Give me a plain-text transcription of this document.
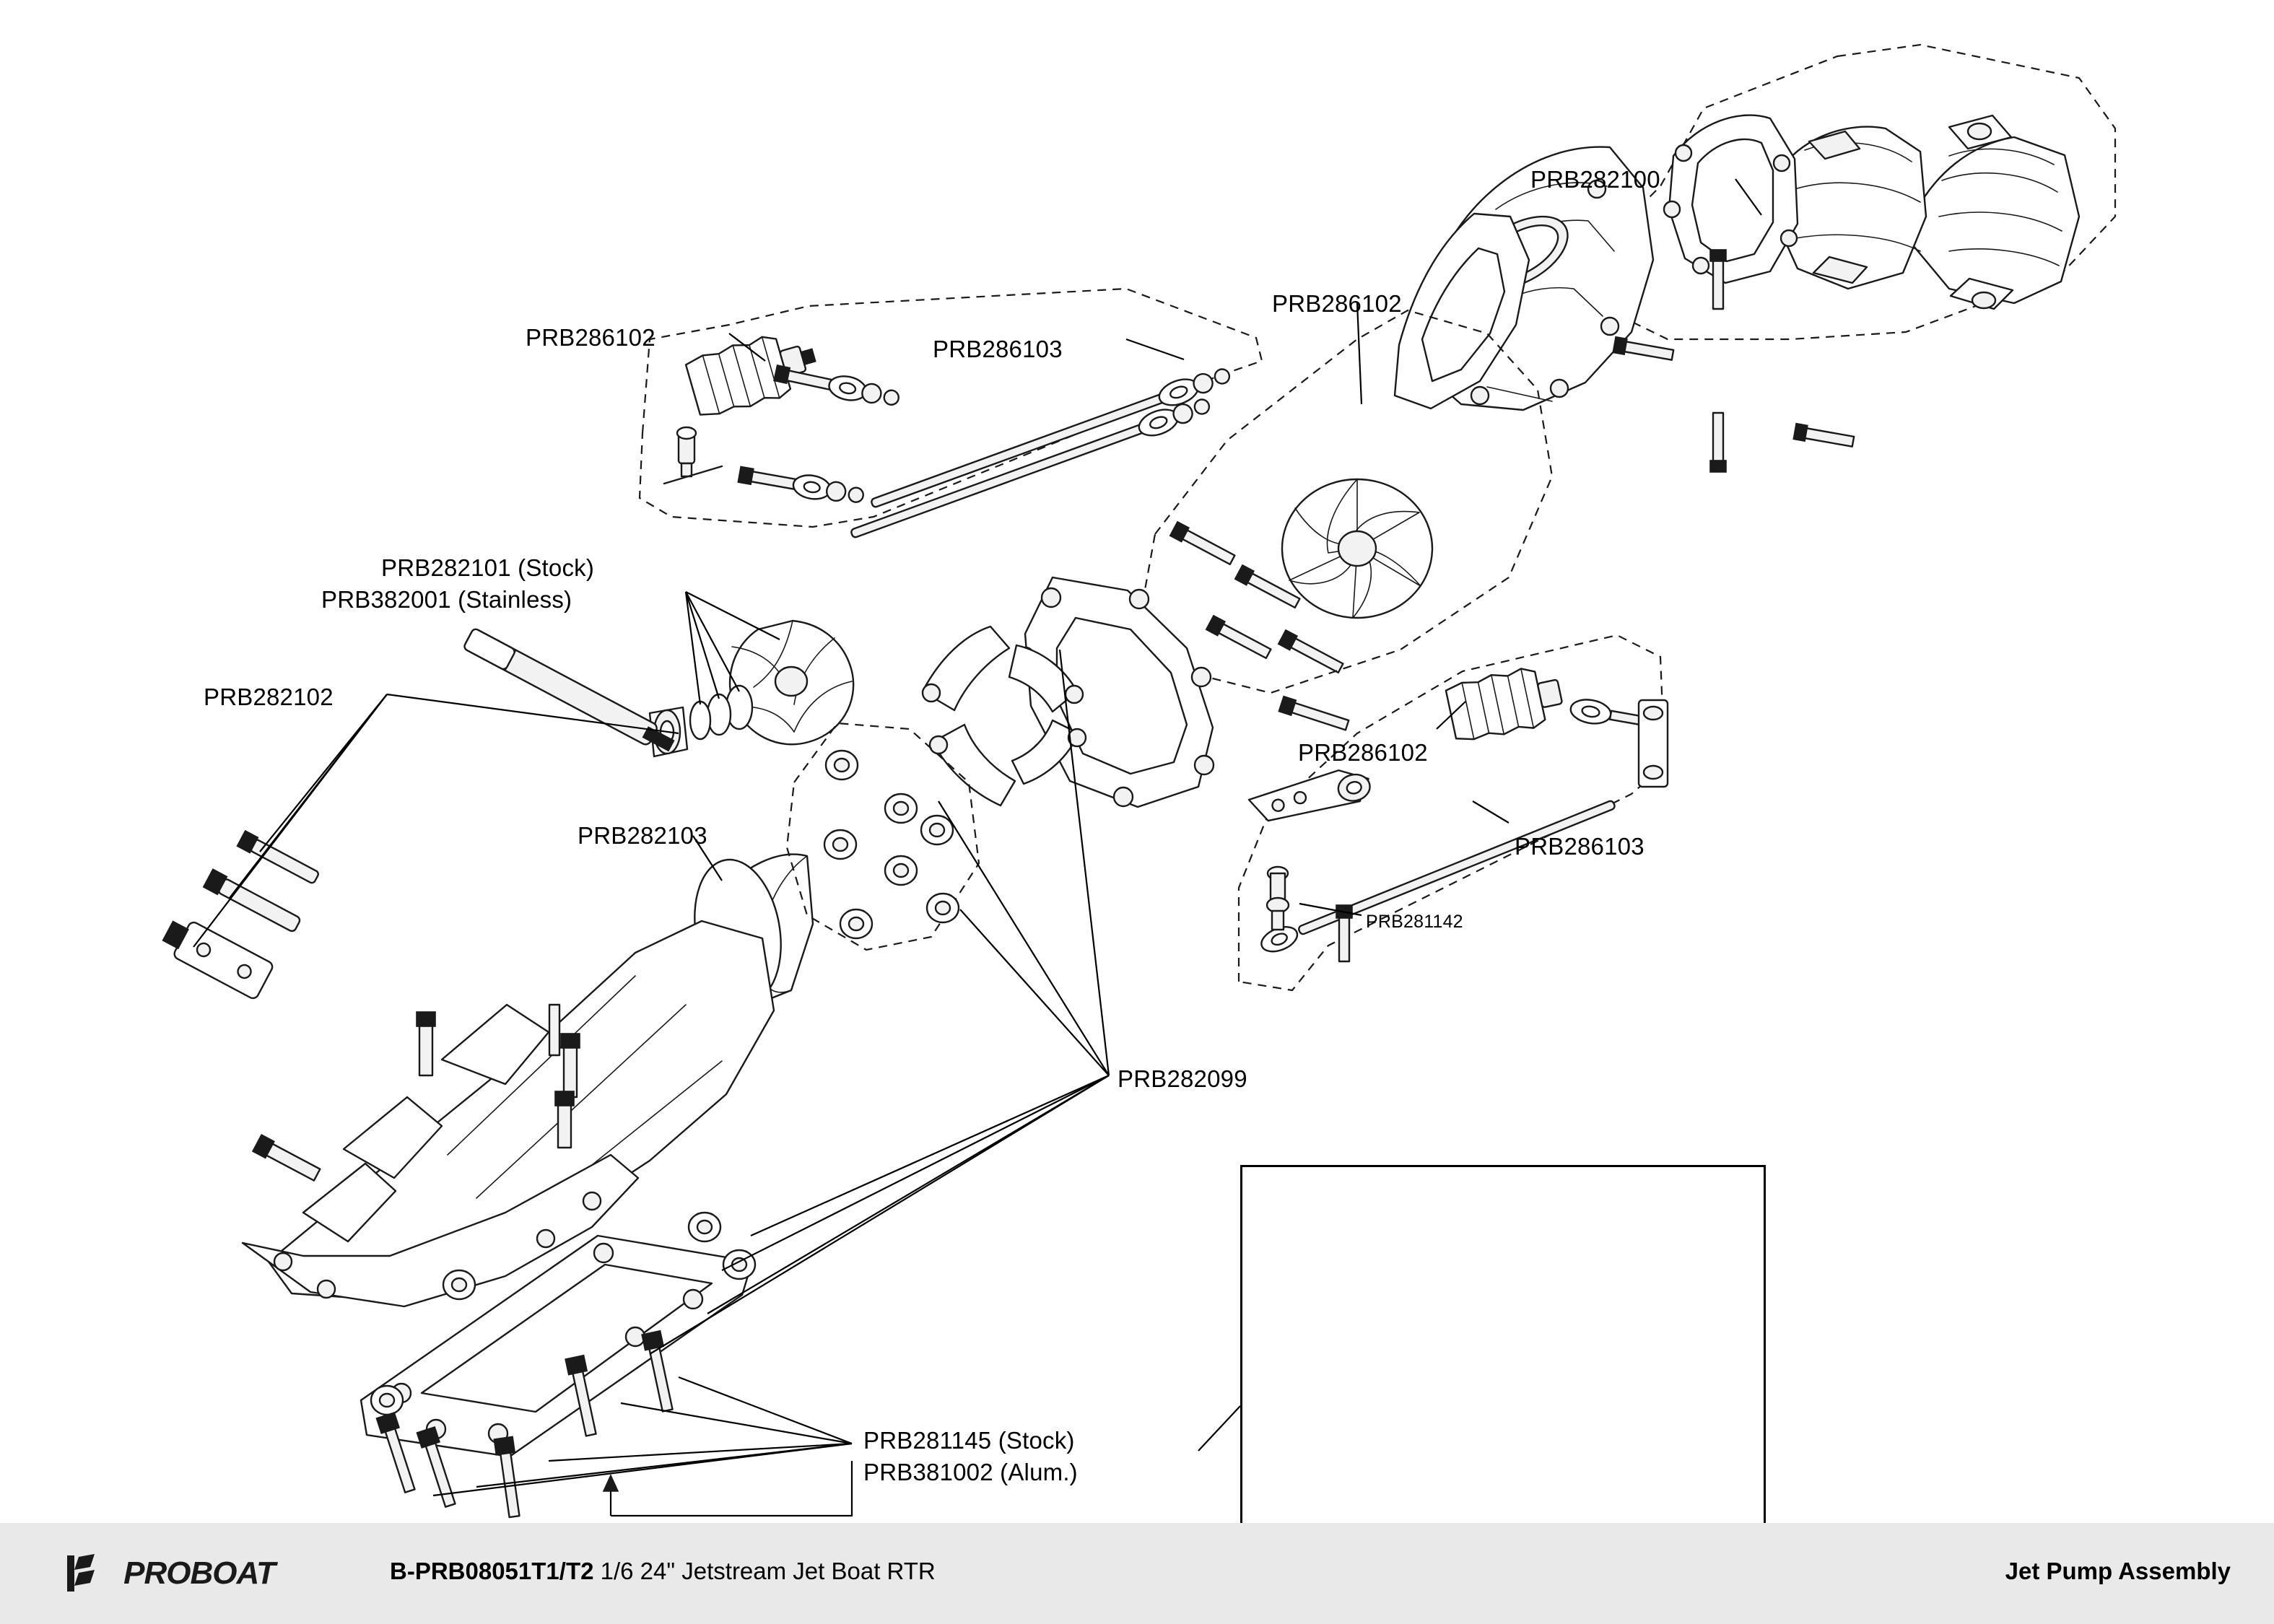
PRB282100
PRB286102	PRB286103
PRB286102
PRB282101 (Stock)
PRB382001 (Stainless)
PRB282102
PRB282103
PRB286102
PRB286103
PRB281142
PRB282099
PRB281145 (Stock)
PRB381002 (Alum.)
PROBOAT	B-PRB08051T1/T2 1/6 24" Jetstream Jet Boat RTR	Jet Pump Assembly
